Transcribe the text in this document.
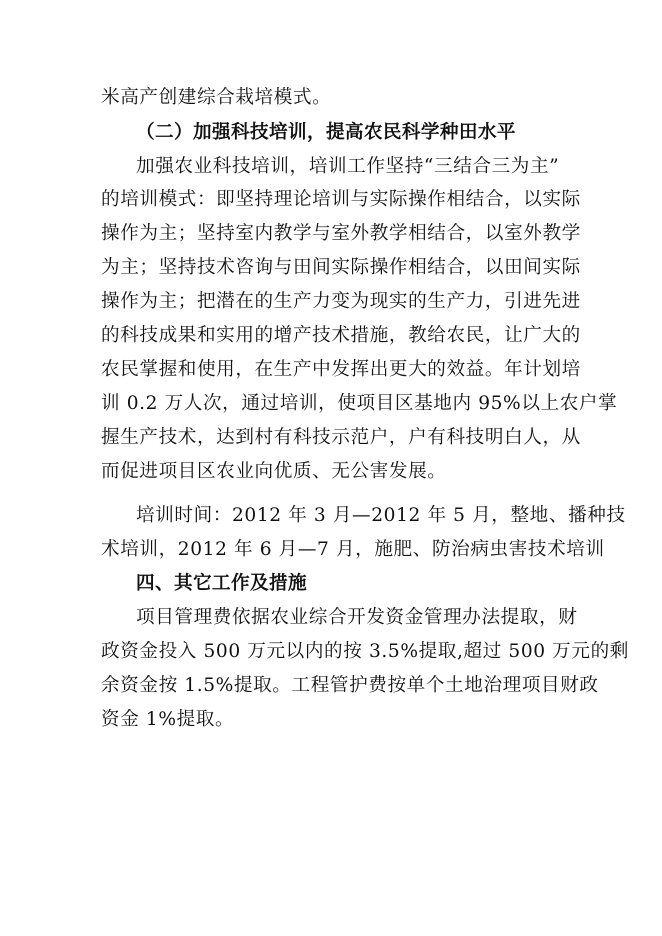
米高产创建综合栽培模式。
（二）加强科技培训，提高农民科学种田水平
加强农业科技培训，培训工作坚持“三结合三为主”
的培训模式：即坚持理论培训与实际操作相结合，以实际
操作为主；坚持室内教学与室外教学相结合，以室外教学
为主；坚持技术咨询与田间实际操作相结合，以田间实际
操作为主；把潜在的生产力变为现实的生产力，引进先进
的科技成果和实用的增产技术措施，教给农民，让广大的
农民掌握和使用，在生产中发挥出更大的效益。年计划培
训 0.2 万人次，通过培训，使项目区基地内 95%以上农户掌
握生产技术，达到村有科技示范户，户有科技明白人，从
而促进项目区农业向优质、无公害发展。
培训时间：2012 年 3 月—2012 年 5 月，整地、播种技
术培训，2012 年 6 月—7 月，施肥、防治病虫害技术培训
四、其它工作及措施
项目管理费依据农业综合开发资金管理办法提取，财
政资金投入 500 万元以内的按 3.5%提取,超过 500 万元的剩
余资金按 1.5%提取。工程管护费按单个土地治理项目财政
资金 1%提取。
